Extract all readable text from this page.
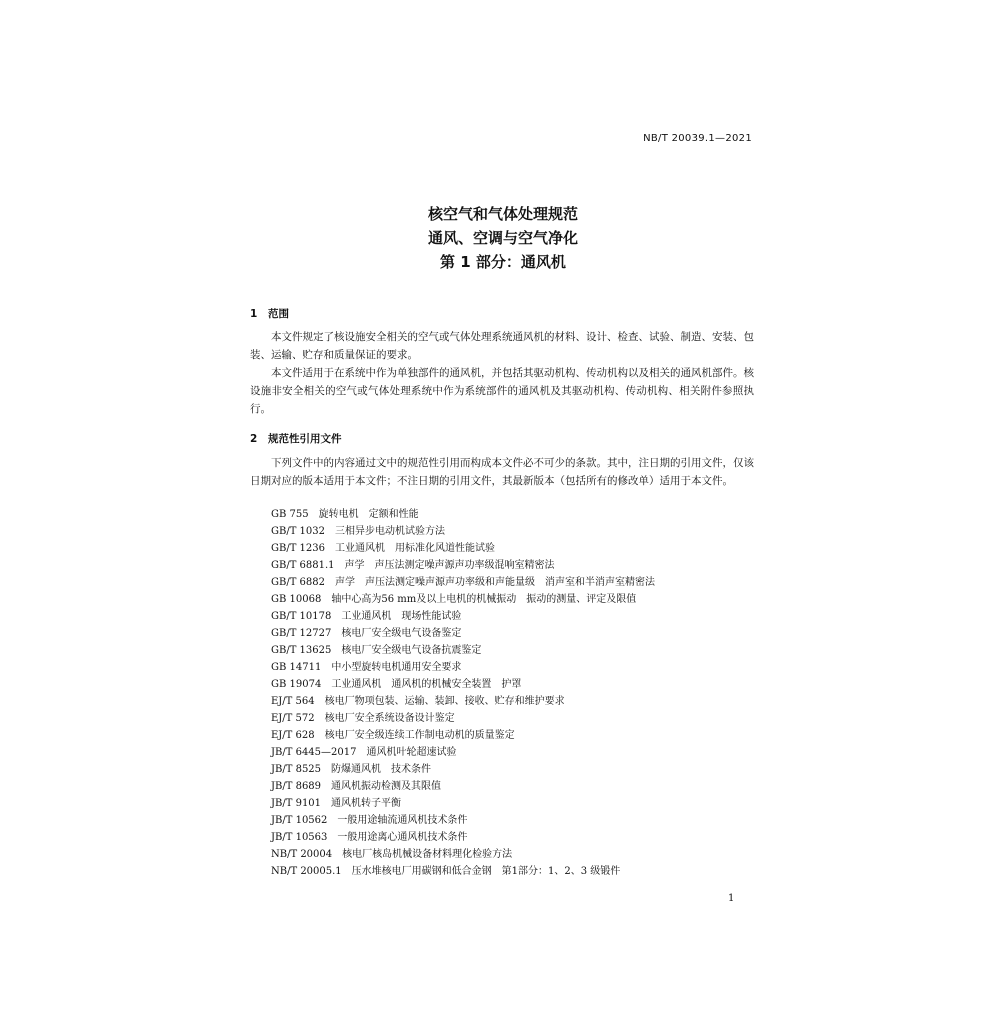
NB/T 20039.1—2021
核空气和气体处理规范
通风、空调与空气净化
第 1 部分：通风机
1 范围
本文件规定了核设施安全相关的空气或气体处理系统通风机的材料、设计、检查、试验、制造、安装、包装、运输、贮存和质量保证的要求。
本文件适用于在系统中作为单独部件的通风机，并包括其驱动机构、传动机构以及相关的通风机部件。核设施非安全相关的空气或气体处理系统中作为系统部件的通风机及其驱动机构、传动机构、相关附件参照执行。
2 规范性引用文件
下列文件中的内容通过文中的规范性引用而构成本文件必不可少的条款。其中，注日期的引用文件，仅该日期对应的版本适用于本文件；不注日期的引用文件，其最新版本（包括所有的修改单）适用于本文件。
GB 755 旋转电机　定额和性能
GB/T 1032 三相异步电动机试验方法
GB/T 1236 工业通风机　用标准化风道性能试验
GB/T 6881.1 声学　声压法测定噪声源声功率级混响室精密法
GB/T 6882 声学　声压法测定噪声源声功率级和声能量级　消声室和半消声室精密法
GB 10068 轴中心高为56 mm及以上电机的机械振动　振动的测量、评定及限值
GB/T 10178 工业通风机　现场性能试验
GB/T 12727 核电厂安全级电气设备鉴定
GB/T 13625 核电厂安全级电气设备抗震鉴定
GB 14711 中小型旋转电机通用安全要求
GB 19074 工业通风机　通风机的机械安全装置　护罩
EJ/T 564 核电厂物项包装、运输、装卸、接收、贮存和维护要求
EJ/T 572 核电厂安全系统设备设计鉴定
EJ/T 628 核电厂安全级连续工作制电动机的质量鉴定
JB/T 6445—2017 通风机叶轮超速试验
JB/T 8525 防爆通风机　技术条件
JB/T 8689 通风机振动检测及其限值
JB/T 9101 通风机转子平衡
JB/T 10562 一般用途轴流通风机技术条件
JB/T 10563 一般用途离心通风机技术条件
NB/T 20004 核电厂核岛机械设备材料理化检验方法
NB/T 20005.1 压水堆核电厂用碳钢和低合金钢　第1部分：1、2、3 级锻件
1
